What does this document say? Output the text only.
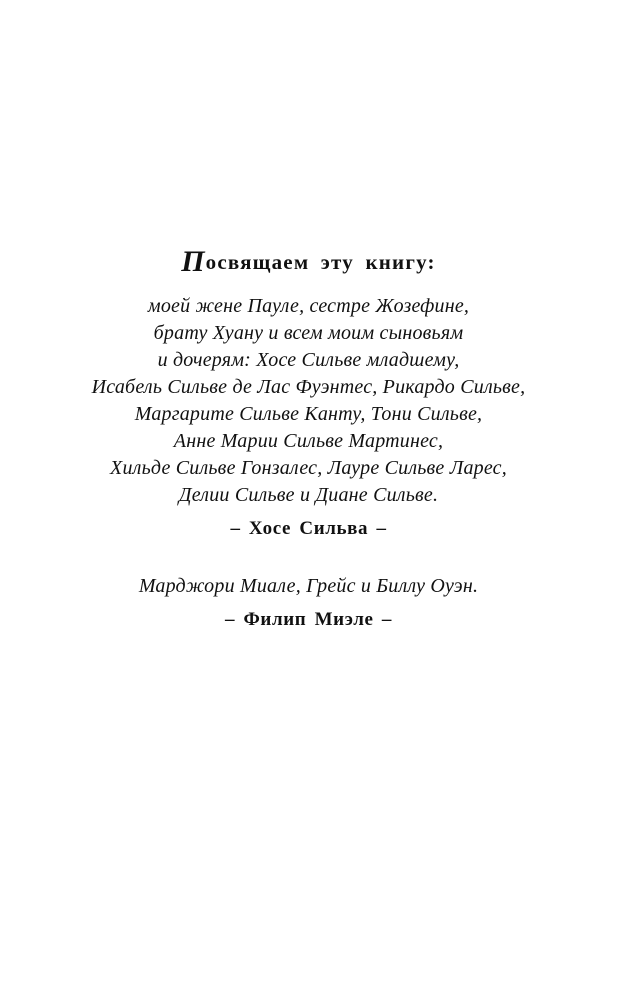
Посвящаем эту книгу:
моей жене Пауле, сестре Жозефине,
брату Хуану и всем моим сыновьям
и дочерям: Хосе Сильве младшему,
Исабель Сильве де Лас Фуэнтес, Рикардо Сильве,
Маргарите Сильве Канту, Тони Сильве,
Анне Марии Сильве Мартинес,
Хильде Сильве Гонзалес, Лауре Сильве Ларес,
Делии Сильве и Диане Сильве.
– Хосе Сильва –
Марджори Миале, Грейс и Биллу Оуэн.
– Филип Миэле –
